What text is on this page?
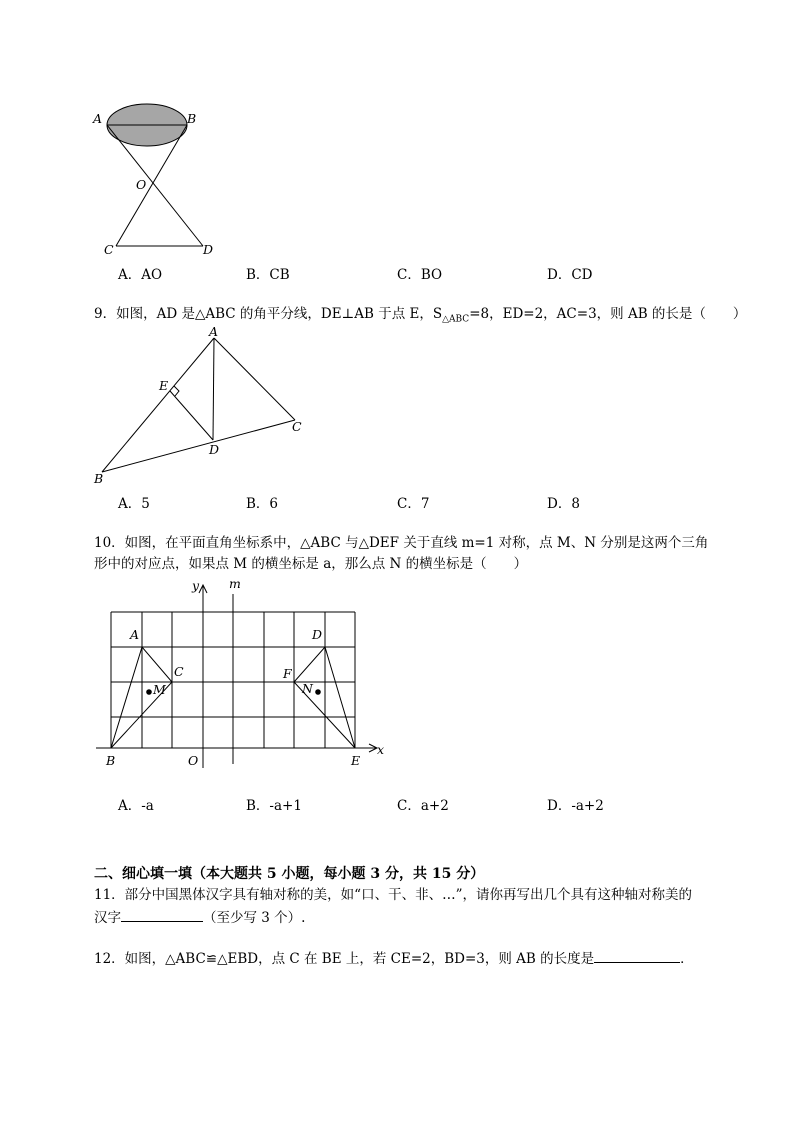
A	B
O
C	D
A．AO	B．CB	C．BO	D．CD
9．如图，AD 是△ABC 的角平分线，DE⊥AB 于点 E，$S_{\triangle ABC}=8$，ED=2，AC=3，则 AB 的长是（　　）
A
E
C
D
B
A．5	B．6	C．7	D．8
10．如图，在平面直角坐标系中，△ABC 与△DEF 关于直线 m=1 对称，点 M、N 分别是这两个三角
形中的对应点，如果点 M 的横坐标是 a，那么点 N 的横坐标是（　　）
y m
A
C
M
B	O
D
F
N
E
x
A．-a	B．-a+1	C．a+2	D．-a+2
二、细心填一填（本大题共 5 小题，每小题 3 分，共 15 分）
11．部分中国黑体汉字具有轴对称的美，如“口、干、非、…”，请你再写出几个具有这种轴对称美的
汉字	（至少写 3 个）.
12．如图，△ABC≌△EBD，点 C 在 BE 上，若 CE=2，BD=3，则 AB 的长度是	．
